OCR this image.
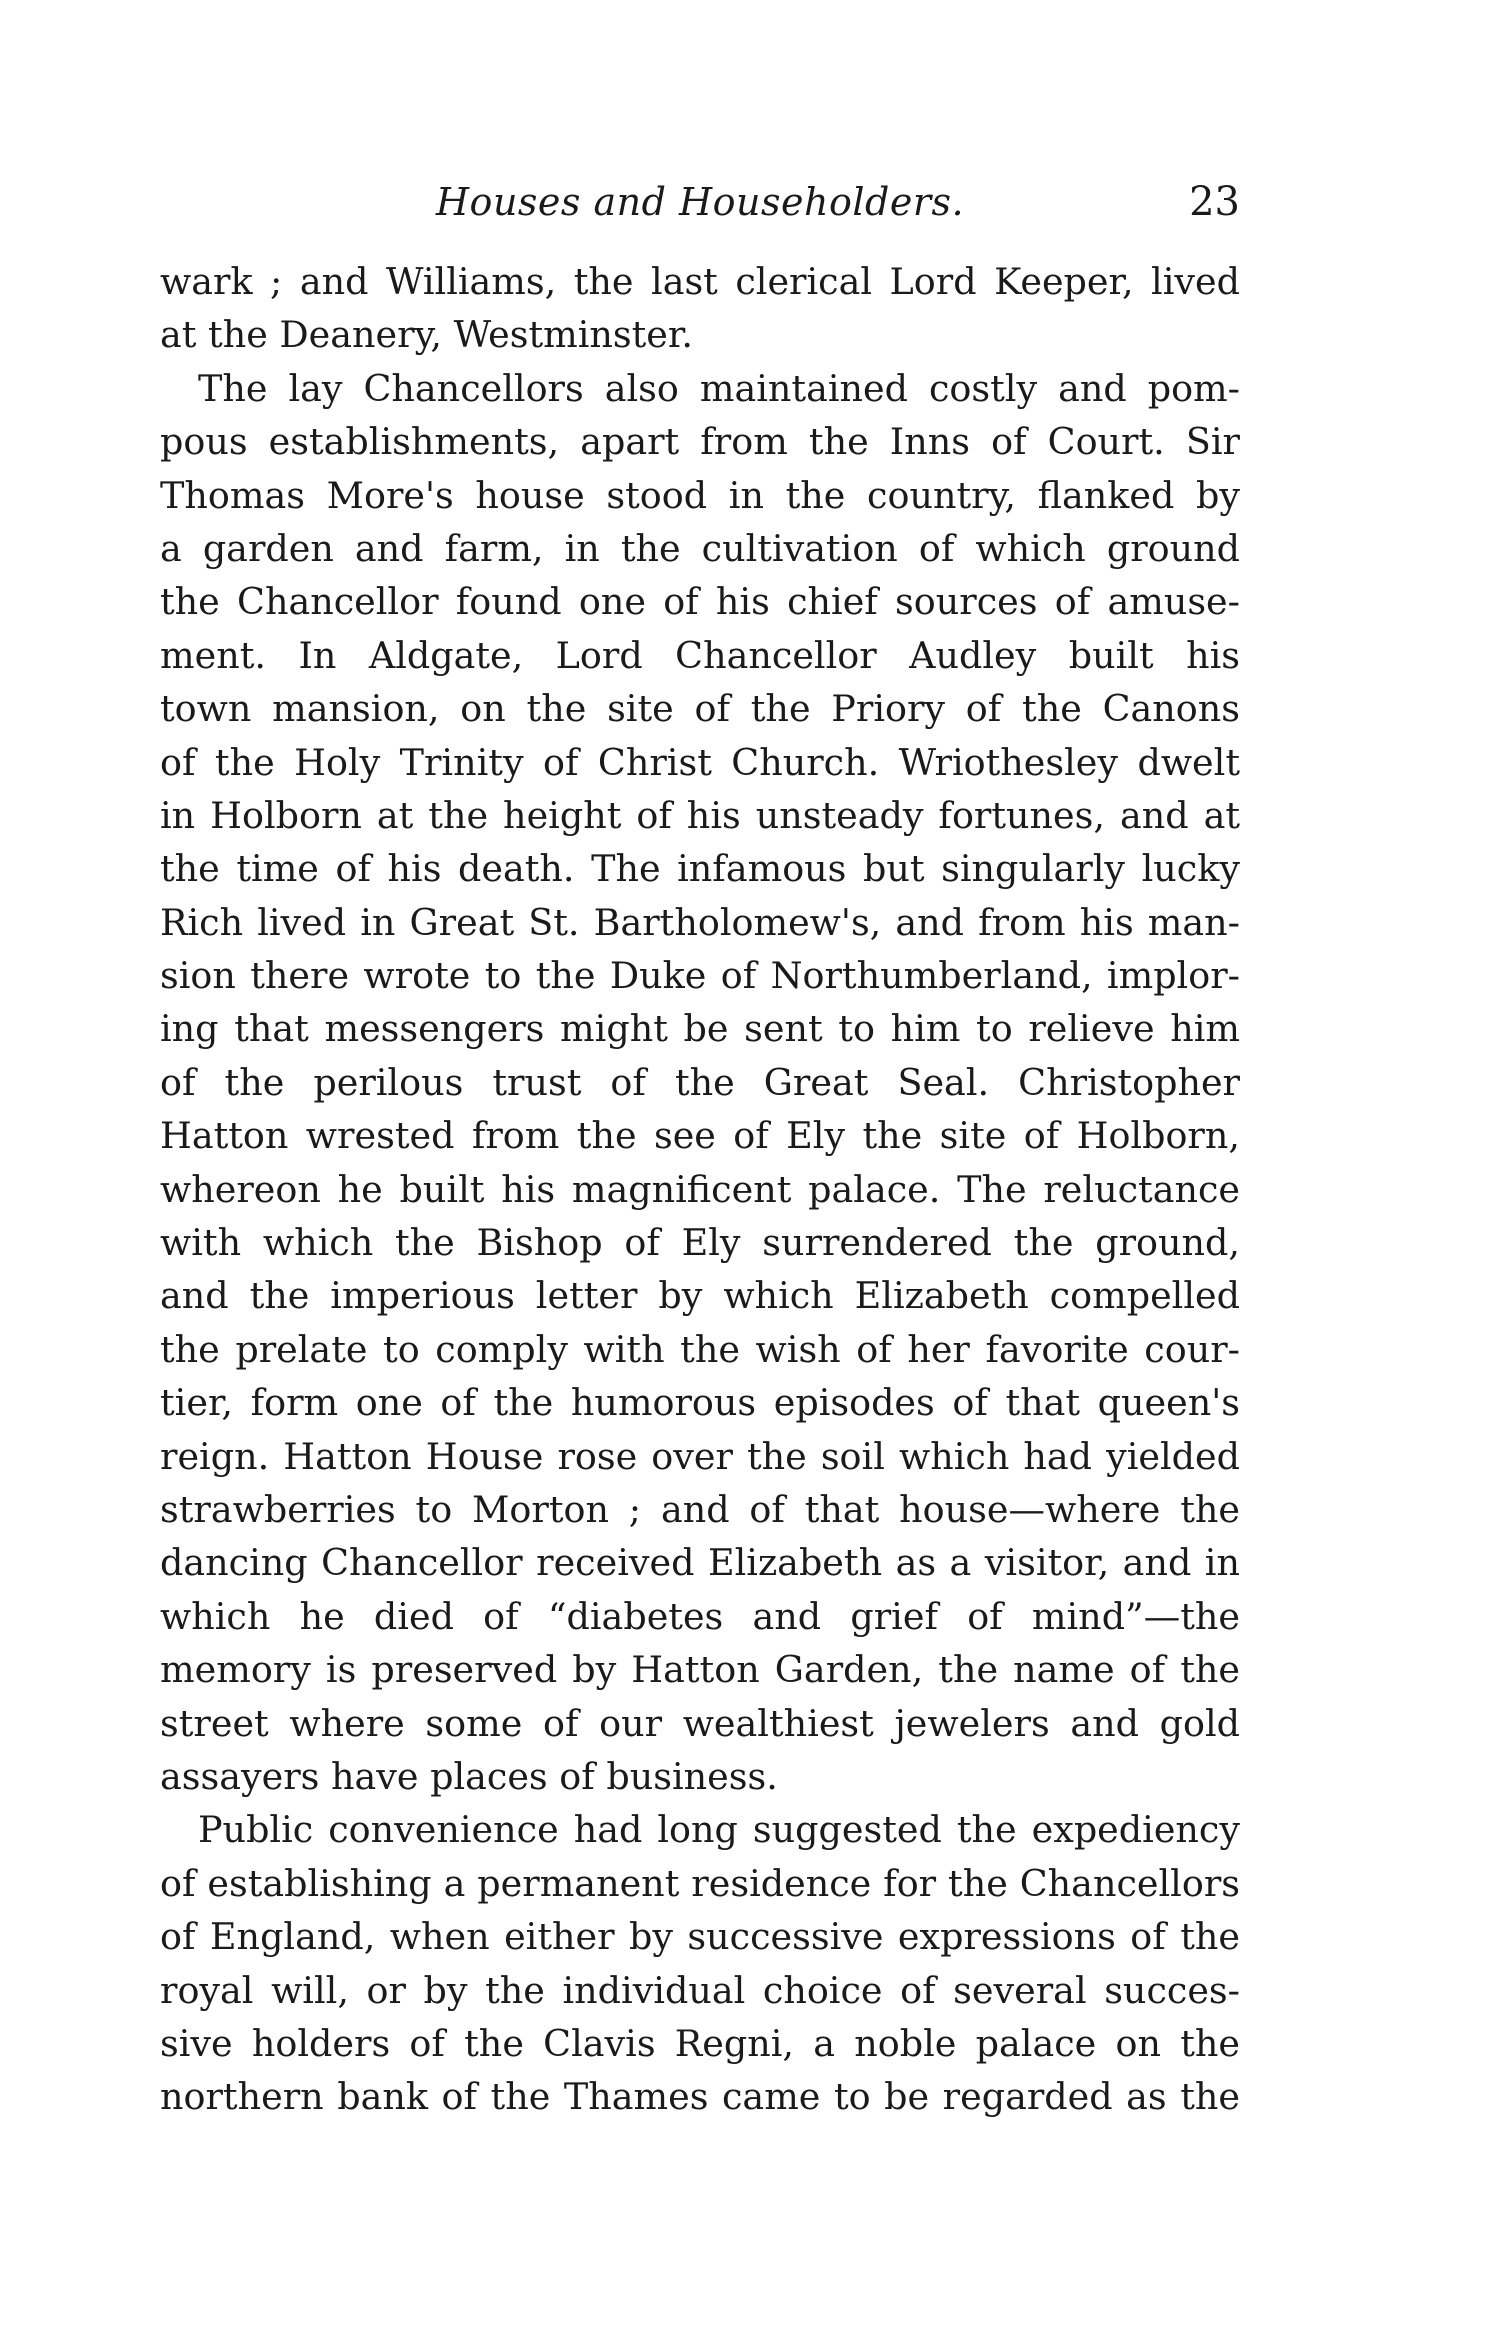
Houses and Householders.	23
wark ; and Williams, the last clerical Lord Keeper, lived
at the Deanery, Westminster.
The lay Chancellors also maintained costly and pom-
pous establishments, apart from the Inns of Court. Sir
Thomas More's house stood in the country, flanked by
a garden and farm, in the cultivation of which ground
the Chancellor found one of his chief sources of amuse-
ment. In Aldgate, Lord Chancellor Audley built his
town mansion, on the site of the Priory of the Canons
of the Holy Trinity of Christ Church. Wriothesley dwelt
in Holborn at the height of his unsteady fortunes, and at
the time of his death. The infamous but singularly lucky
Rich lived in Great St. Bartholomew's, and from his man-
sion there wrote to the Duke of Northumberland, implor-
ing that messengers might be sent to him to relieve him
of the perilous trust of the Great Seal. Christopher
Hatton wrested from the see of Ely the site of Holborn,
whereon he built his magnificent palace. The reluctance
with which the Bishop of Ely surrendered the ground,
and the imperious letter by which Elizabeth compelled
the prelate to comply with the wish of her favorite cour-
tier, form one of the humorous episodes of that queen's
reign. Hatton House rose over the soil which had yielded
strawberries to Morton ; and of that house—where the
dancing Chancellor received Elizabeth as a visitor, and in
which he died of “diabetes and grief of mind”—the
memory is preserved by Hatton Garden, the name of the
street where some of our wealthiest jewelers and gold
assayers have places of business.
Public convenience had long suggested the expediency
of establishing a permanent residence for the Chancellors
of England, when either by successive expressions of the
royal will, or by the individual choice of several succes-
sive holders of the Clavis Regni, a noble palace on the
northern bank of the Thames came to be regarded as the
